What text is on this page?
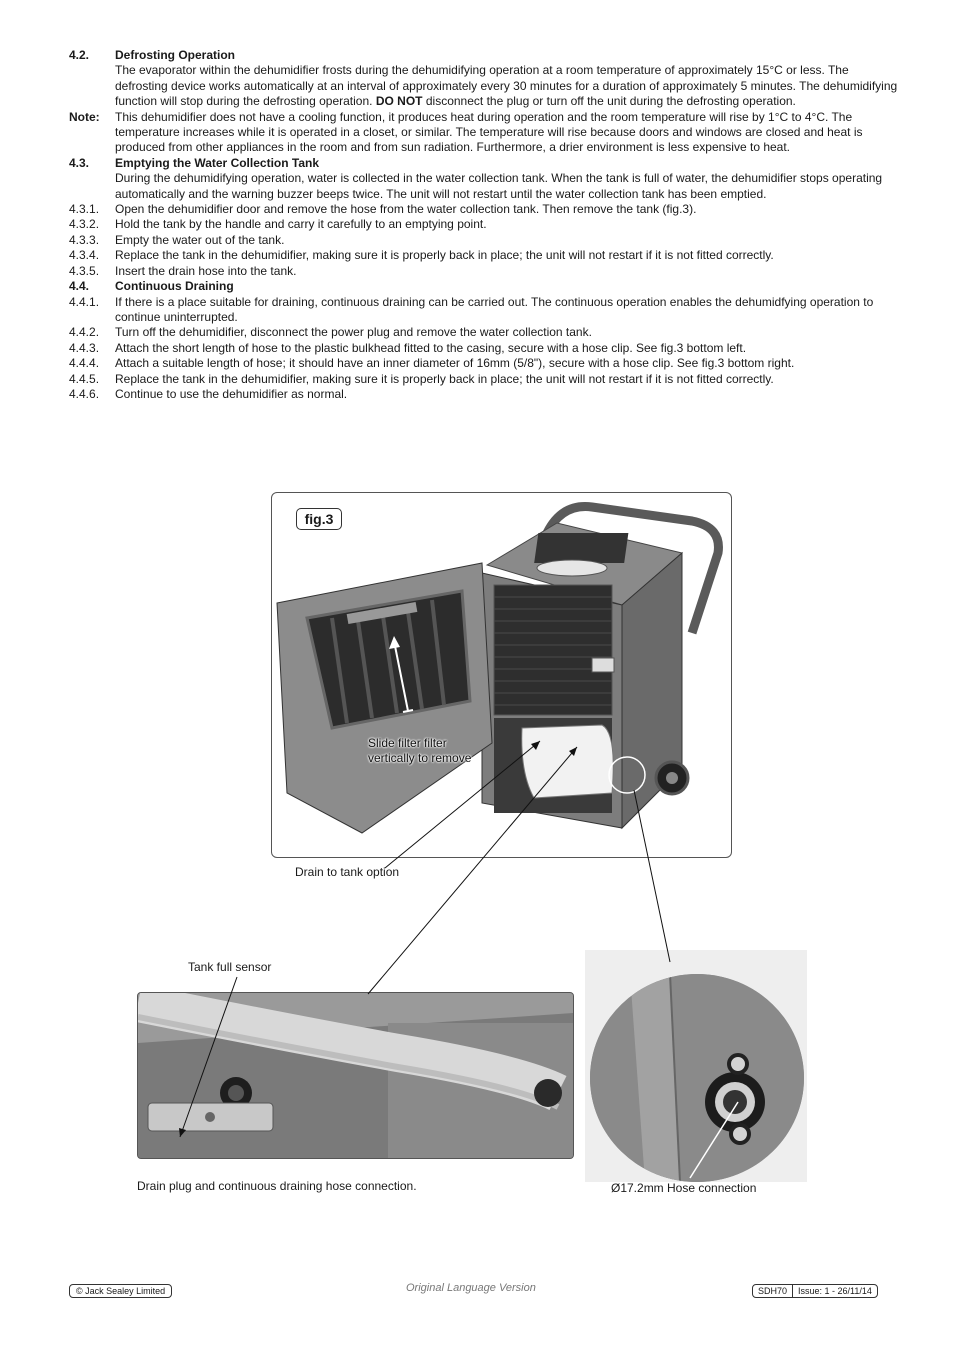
4.2.	Defrosting Operation
The evaporator within the dehumidifier frosts during the dehumidifying operation at a room temperature of approximately 15°C or less. The defrosting device works automatically at an interval of approximately every 30 minutes for a duration of approximately 5 minutes. The dehumidifying function will stop during the defrosting operation. DO NOT disconnect the plug or turn off the unit during the defrosting operation.
Note:	This dehumidifier does not have a cooling function, it produces heat during operation and the room temperature will rise by 1°C to 4°C. The temperature increases while it is operated in a closet, or similar. The temperature will rise because doors and windows are closed and heat is produced from other appliances in the room and from sun radiation. Furthermore, a drier environment is less expensive to heat.
4.3.	Emptying the Water Collection Tank
During the dehumidifying operation, water is collected in the water collection tank. When the tank is full of water, the dehumidifier stops operating automatically and the warning buzzer beeps twice. The unit will not restart until the water collection tank has been emptied.
4.3.1.	Open the dehumidifier door and remove the hose from the water collection tank. Then remove the tank (fig.3).
4.3.2.	Hold the tank by the handle and carry it carefully to an emptying point.
4.3.3.	Empty the water out of the tank.
4.3.4.	Replace the tank in the dehumidifier, making sure it is properly back in place; the unit will not restart if it is not fitted correctly.
4.3.5.	Insert the drain hose into the tank.
4.4.	Continuous Draining
4.4.1.	If there is a place suitable for draining, continuous draining can be carried out. The continuous operation enables the dehumidfying operation to continue uninterrupted.
4.4.2.	Turn off the dehumidifier, disconnect the power plug and remove the water collection tank.
4.4.3.	Attach the short length of hose to the plastic bulkhead fitted to the casing, secure with a hose clip. See fig.3 bottom left.
4.4.4.	Attach a suitable length of hose; it should have an inner diameter of 16mm (5/8"), secure with a hose clip. See fig.3 bottom right.
4.4.5.	Replace the tank in the dehumidifier, making sure it is properly back in place; the unit will not restart if it is not fitted correctly.
4.4.6.	Continue to use the dehumidifier as normal.
fig.3
Slide filter filter
vertically to remove
Drain to tank option
Tank full sensor
Drain plug and continuous draining hose connection.	Ø17.2mm Hose connection
© Jack Sealey Limited	Original Language Version	SDH70	Issue: 1 - 26/11/14
